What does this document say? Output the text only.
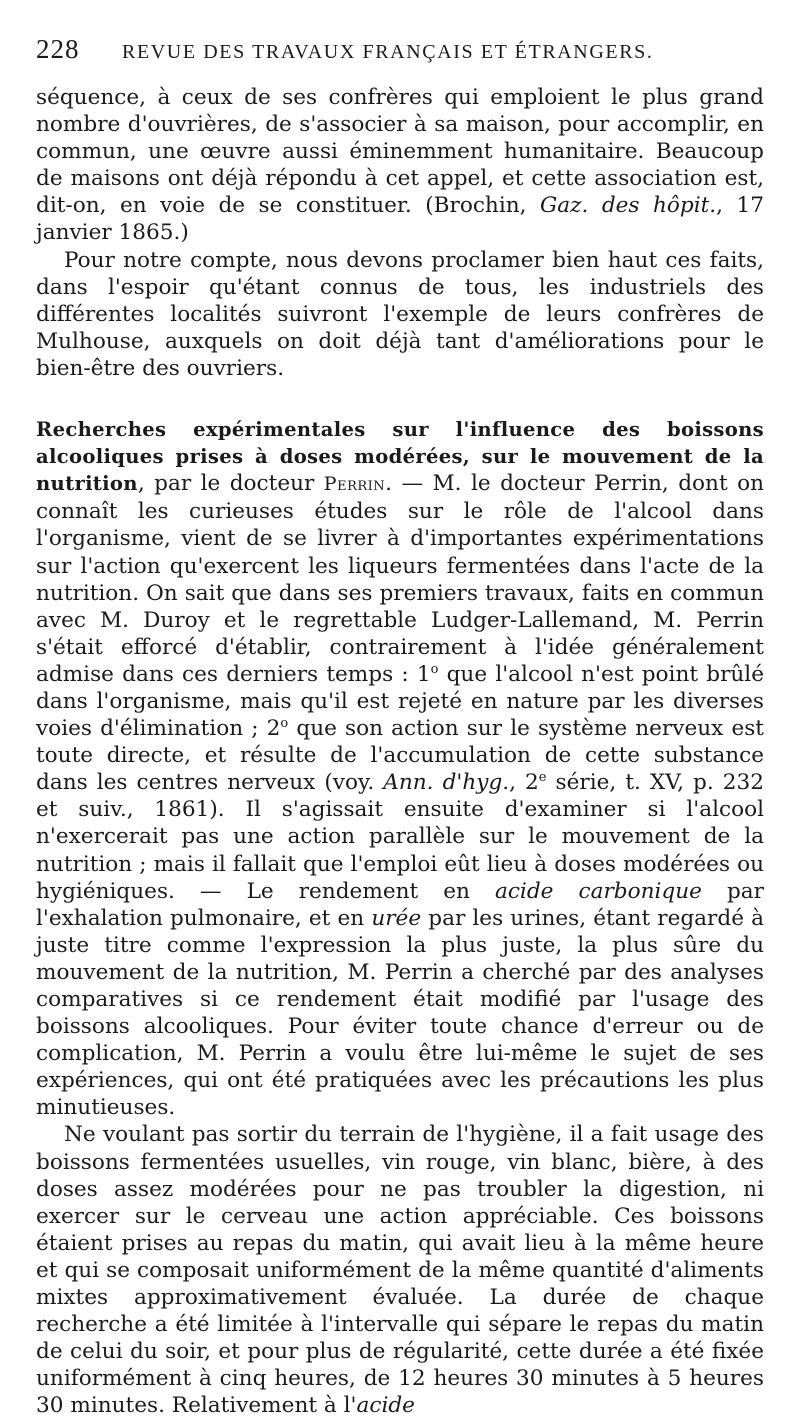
228	REVUE DES TRAVAUX FRANÇAIS ET ÉTRANGERS.

séquence, à ceux de ses confrères qui emploient le plus grand nombre d'ouvrières, de s'associer à sa maison, pour accomplir, en commun, une œuvre aussi éminemment humanitaire. Beaucoup de maisons ont déjà répondu à cet appel, et cette association est, dit-on, en voie de se constituer. (Brochin, Gaz. des hôpit., 17 janvier 1865.)

Pour notre compte, nous devons proclamer bien haut ces faits, dans l'espoir qu'étant connus de tous, les industriels des différentes localités suivront l'exemple de leurs confrères de Mulhouse, auxquels on doit déjà tant d'améliorations pour le bien-être des ouvriers.

Recherches expérimentales sur l'influence des boissons alcooliques prises à doses modérées, sur le mouvement de la nutrition, par le docteur Perrin. — M. le docteur Perrin, dont on connaît les curieuses études sur le rôle de l'alcool dans l'organisme, vient de se livrer à d'importantes expérimentations sur l'action qu'exercent les liqueurs fermentées dans l'acte de la nutrition. On sait que dans ses premiers travaux, faits en commun avec M. Duroy et le regrettable Ludger-Lallemand, M. Perrin s'était efforcé d'établir, contrairement à l'idée généralement admise dans ces derniers temps : 1$^o$ que l'alcool n'est point brûlé dans l'organisme, mais qu'il est rejeté en nature par les diverses voies d'élimination ; 2$^o$ que son action sur le système nerveux est toute directe, et résulte de l'accumulation de cette substance dans les centres nerveux (voy. Ann. d'hyg., 2e série, t. XV, p. 232 et suiv., 1861). Il s'agissait ensuite d'examiner si l'alcool n'exercerait pas une action parallèle sur le mouvement de la nutrition ; mais il fallait que l'emploi eût lieu à doses modérées ou hygiéniques. — Le rendement en acide carbonique par l'exhalation pulmonaire, et en urée par les urines, étant regardé à juste titre comme l'expression la plus juste, la plus sûre du mouvement de la nutrition, M. Perrin a cherché par des analyses comparatives si ce rendement était modifié par l'usage des boissons alcooliques. Pour éviter toute chance d'erreur ou de complication, M. Perrin a voulu être lui-même le sujet de ses expériences, qui ont été pratiquées avec les précautions les plus minutieuses.

Ne voulant pas sortir du terrain de l'hygiène, il a fait usage des boissons fermentées usuelles, vin rouge, vin blanc, bière, à des doses assez modérées pour ne pas troubler la digestion, ni exercer sur le cerveau une action appréciable. Ces boissons étaient prises au repas du matin, qui avait lieu à la même heure et qui se composait uniformément de la même quantité d'aliments mixtes approximativement évaluée. La durée de chaque recherche a été limitée à l'intervalle qui sépare le repas du matin de celui du soir, et pour plus de régularité, cette durée a été fixée uniformément à cinq heures, de 12 heures 30 minutes à 5 heures 30 minutes. Relativement à l'acide
